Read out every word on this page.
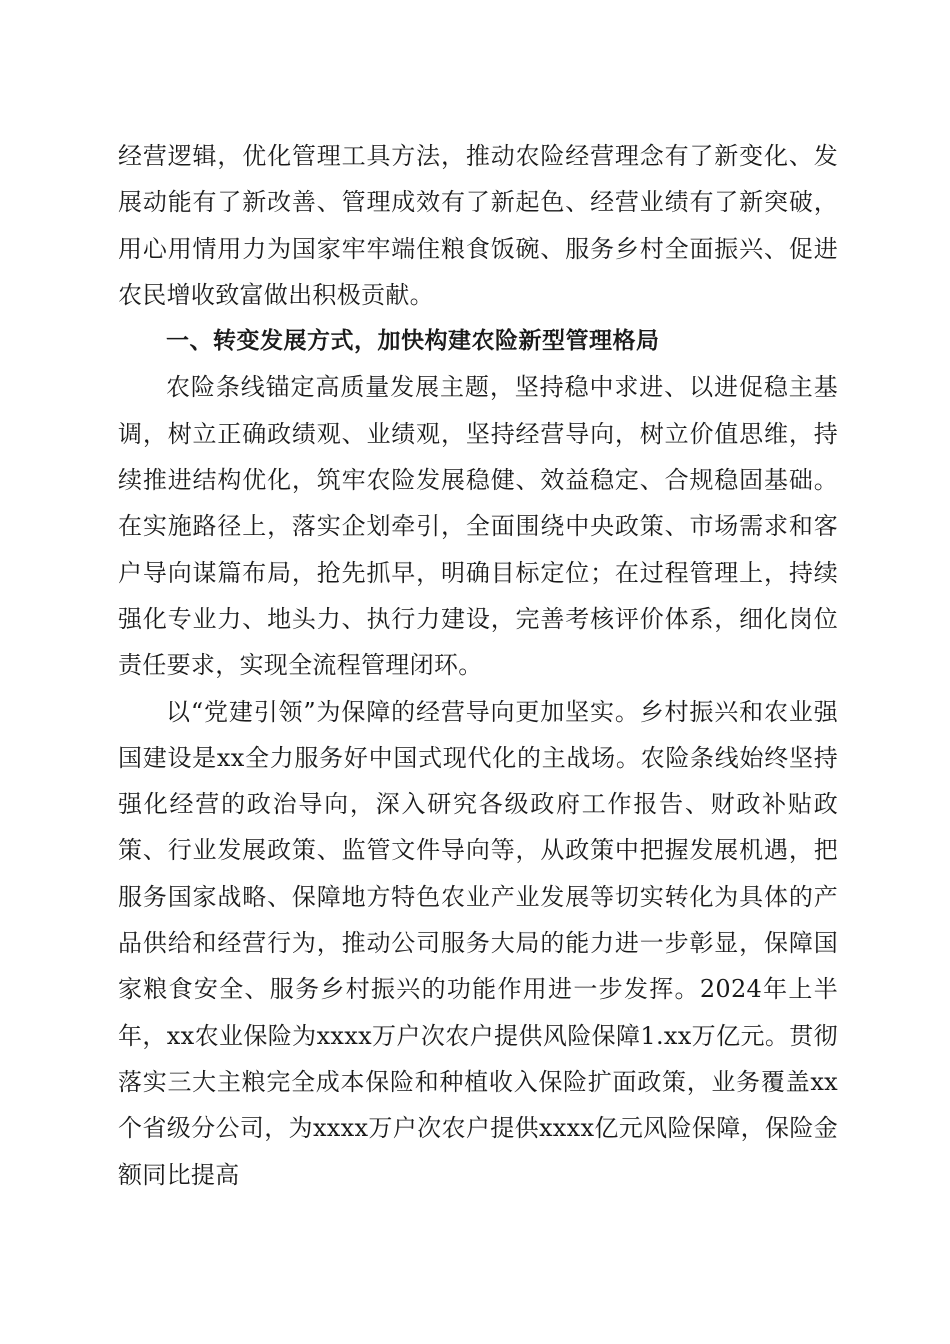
经营逻辑，优化管理工具方法，推动农险经营理念有了新变化、发展动能有了新改善、管理成效有了新起色、经营业绩有了新突破，用心用情用力为国家牢牢端住粮食饭碗、服务乡村全面振兴、促进农民增收致富做出积极贡献。

一、转变发展方式，加快构建农险新型管理格局

农险条线锚定高质量发展主题，坚持稳中求进、以进促稳主基调，树立正确政绩观、业绩观，坚持经营导向，树立价值思维，持续推进结构优化，筑牢农险发展稳健、效益稳定、合规稳固基础。在实施路径上，落实企划牵引，全面围绕中央政策、市场需求和客户导向谋篇布局，抢先抓早，明确目标定位；在过程管理上，持续强化专业力、地头力、执行力建设，完善考核评价体系，细化岗位责任要求，实现全流程管理闭环。

以“党建引领”为保障的经营导向更加坚实。乡村振兴和农业强国建设是xx全力服务好中国式现代化的主战场。农险条线始终坚持强化经营的政治导向，深入研究各级政府工作报告、财政补贴政策、行业发展政策、监管文件导向等，从政策中把握发展机遇，把服务国家战略、保障地方特色农业产业发展等切实转化为具体的产品供给和经营行为，推动公司服务大局的能力进一步彰显，保障国家粮食安全、服务乡村振兴的功能作用进一步发挥。2024年上半年，xx农业保险为xxxx万户次农户提供风险保障1.xx万亿元。贯彻落实三大主粮完全成本保险和种植收入保险扩面政策，业务覆盖xx个省级分公司，为xxxx万户次农户提供xxxx亿元风险保障，保险金额同比提高
